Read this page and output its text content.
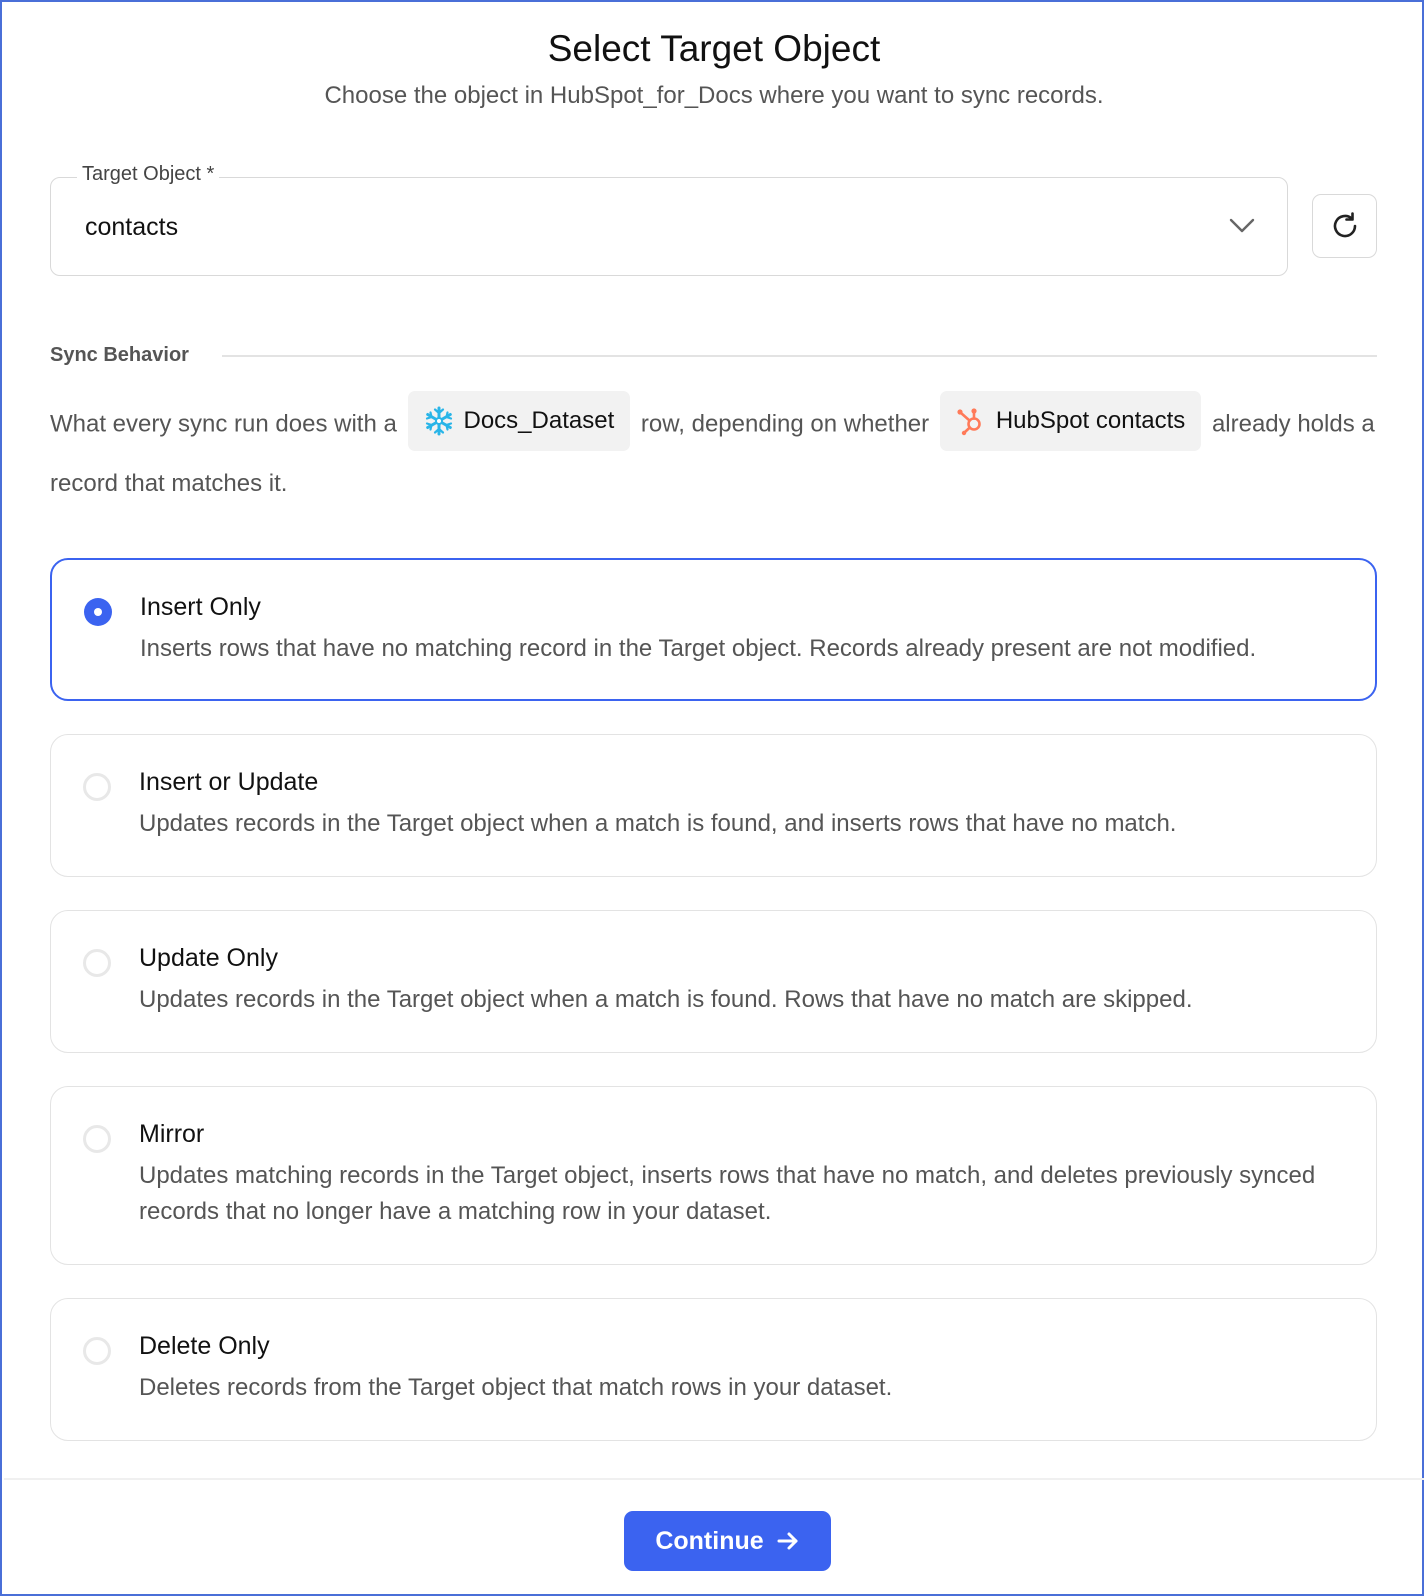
Select Target Object

Choose the object in HubSpot_for_Docs where you want to sync records.

Target Object *
contacts
Sync Behavior
What every sync run does with a	Docs_Dataset row, depending on whether	HubSpot contacts already holds a record that matches it.
Insert Only
Inserts rows that have no matching record in the Target object. Records already present are not modified.
Insert or Update
Updates records in the Target object when a match is found, and inserts rows that have no match.
Update Only
Updates records in the Target object when a match is found. Rows that have no match are skipped.
Mirror
Updates matching records in the Target object, inserts rows that have no match, and deletes previously synced records that no longer have a matching row in your dataset.
Delete Only
Deletes records from the Target object that match rows in your dataset.
Continue
